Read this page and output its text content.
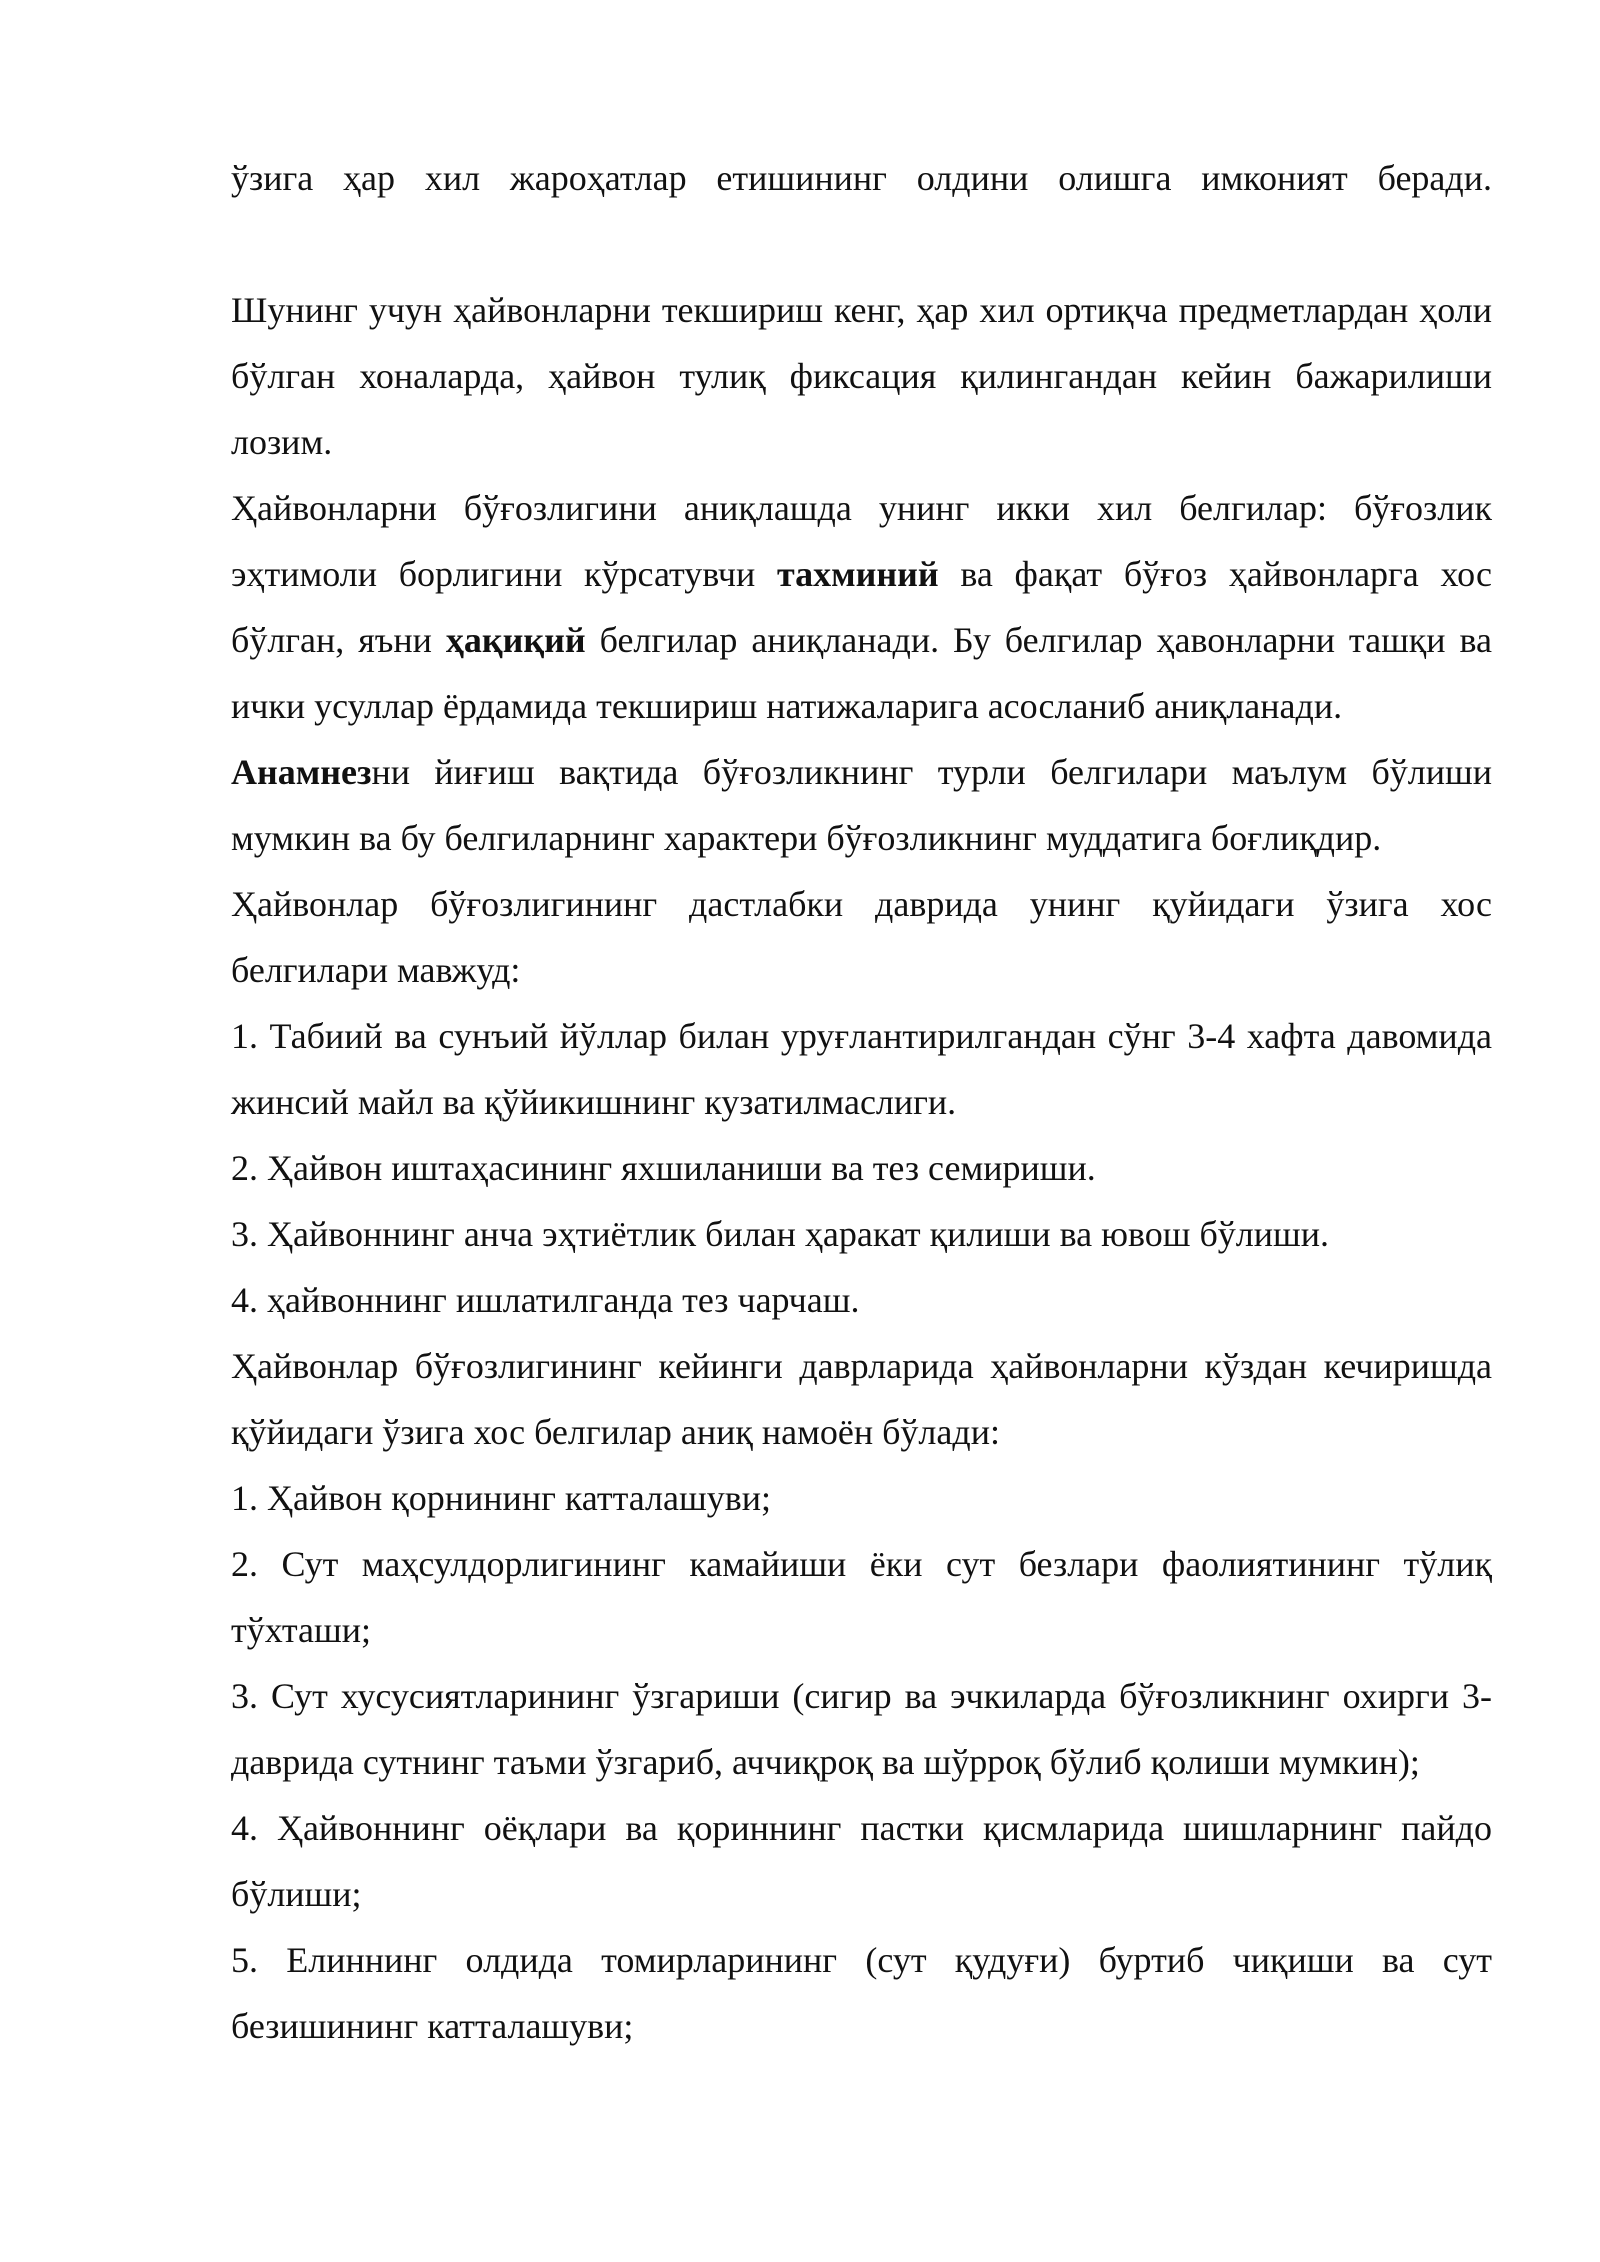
ўзига ҳар хил жароҳатлар етишининг олдини олишга имконият беради.

Шунинг учун ҳайвонларни текшириш кенг, ҳар хил ортиқча предметлардан ҳоли бўлган хоналарда, ҳайвон тулиқ фиксация қилингандан кейин бажарилиши лозим.

Ҳайвонларни бўғозлигини аниқлашда унинг икки хил белгилар: бўғозлик эҳтимоли борлигини кўрсатувчи тахминий ва фақат бўғоз ҳайвонларга хос бўлган, яъни ҳақиқий белгилар аниқланади. Бу белгилар ҳавонларни ташқи ва ички усуллар ёрдамида текшириш натижаларига асосланиб аниқланади.

Анамнезни йиғиш вақтида бўғозликнинг турли белгилари маълум бўлиши мумкин ва бу белгиларнинг характери бўғозликнинг муддатига боғлиқдир.

Ҳайвонлар бўғозлигининг дастлабки даврида унинг қуйидаги ўзига хос белгилари мавжуд:

1. Табиий ва сунъий йўллар билан уруғлантирилгандан сўнг 3-4 хафта давомида жинсий майл ва қўйикишнинг кузатилмаслиги.

2. Ҳайвон иштаҳасининг яхшиланиши ва тез семириши.

3. Ҳайвоннинг анча эҳтиётлик билан ҳаракат қилиши ва ювош бўлиши.

4. ҳайвоннинг ишлатилганда тез чарчаш.

Ҳайвонлар бўғозлигининг кейинги даврларида ҳайвонларни кўздан кечиришда қўйидаги ўзига хос белгилар аниқ намоён бўлади:

1. Ҳайвон қорнининг катталашуви;

2. Сут маҳсулдорлигининг камайиши ёки сут безлари фаолиятининг тўлиқ тўхташи;

3. Сут хусусиятларининг ўзгариши (сигир ва эчкиларда бўғозликнинг охирги 3- даврида сутнинг таъми ўзгариб, аччиқроқ ва шўрроқ бўлиб қолиши мумкин);

4. Ҳайвоннинг оёқлари ва қориннинг пастки қисмларида шишларнинг пайдо бўлиши;

5. Елиннинг олдида томирларининг (сут қудуғи) буртиб чиқиши ва сут безишининг катталашуви;
